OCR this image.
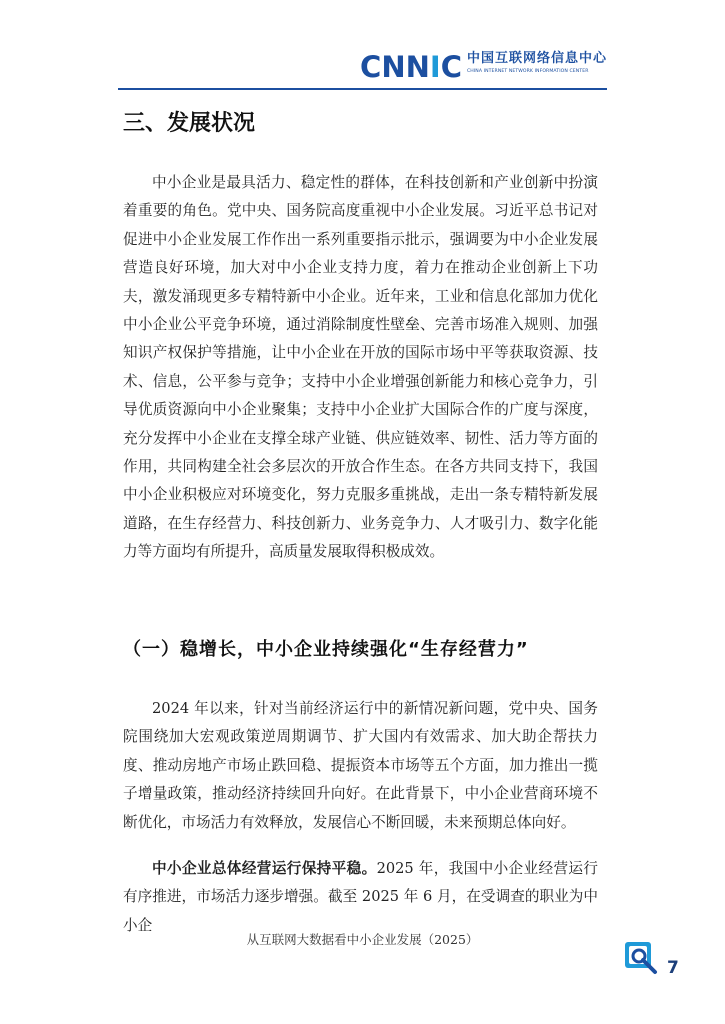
C N N I C 中国互联网络信息中心
CHINA INTERNET NETWORK INFORMATION CENTER
三、发展状况

中小企业是最具活力、稳定性的群体，在科技创新和产业创新中扮演着重要的角色。党中央、国务院高度重视中小企业发展。习近平总书记对促进中小企业发展工作作出一系列重要指示批示，强调要为中小企业发展营造良好环境，加大对中小企业支持力度，着力在推动企业创新上下功夫，激发涌现更多专精特新中小企业。近年来，工业和信息化部加力优化中小企业公平竞争环境，通过消除制度性壁垒、完善市场准入规则、加强知识产权保护等措施，让中小企业在开放的国际市场中平等获取资源、技术、信息，公平参与竞争；支持中小企业增强创新能力和核心竞争力，引导优质资源向中小企业聚集；支持中小企业扩大国际合作的广度与深度，充分发挥中小企业在支撑全球产业链、供应链效率、韧性、活力等方面的作用，共同构建全社会多层次的开放合作生态。在各方共同支持下，我国中小企业积极应对环境变化，努力克服多重挑战，走出一条专精特新发展道路，在生存经营力、科技创新力、业务竞争力、人才吸引力、数字化能力等方面均有所提升，高质量发展取得积极成效。

（一）稳增长，中小企业持续强化“生存经营力”

2024 年以来，针对当前经济运行中的新情况新问题，党中央、国务院围绕加大宏观政策逆周期调节、扩大国内有效需求、加大助企帮扶力度、推动房地产市场止跌回稳、提振资本市场等五个方面，加力推出一揽子增量政策，推动经济持续回升向好。在此背景下，中小企业营商环境不断优化，市场活力有效释放，发展信心不断回暖，未来预期总体向好。

中小企业总体经营运行保持平稳。2025 年，我国中小企业经营运行有序推进，市场活力逐步增强。截至 2025 年 6 月，在受调查的职业为中小企

从互联网大数据看中小企业发展（2025）
7
